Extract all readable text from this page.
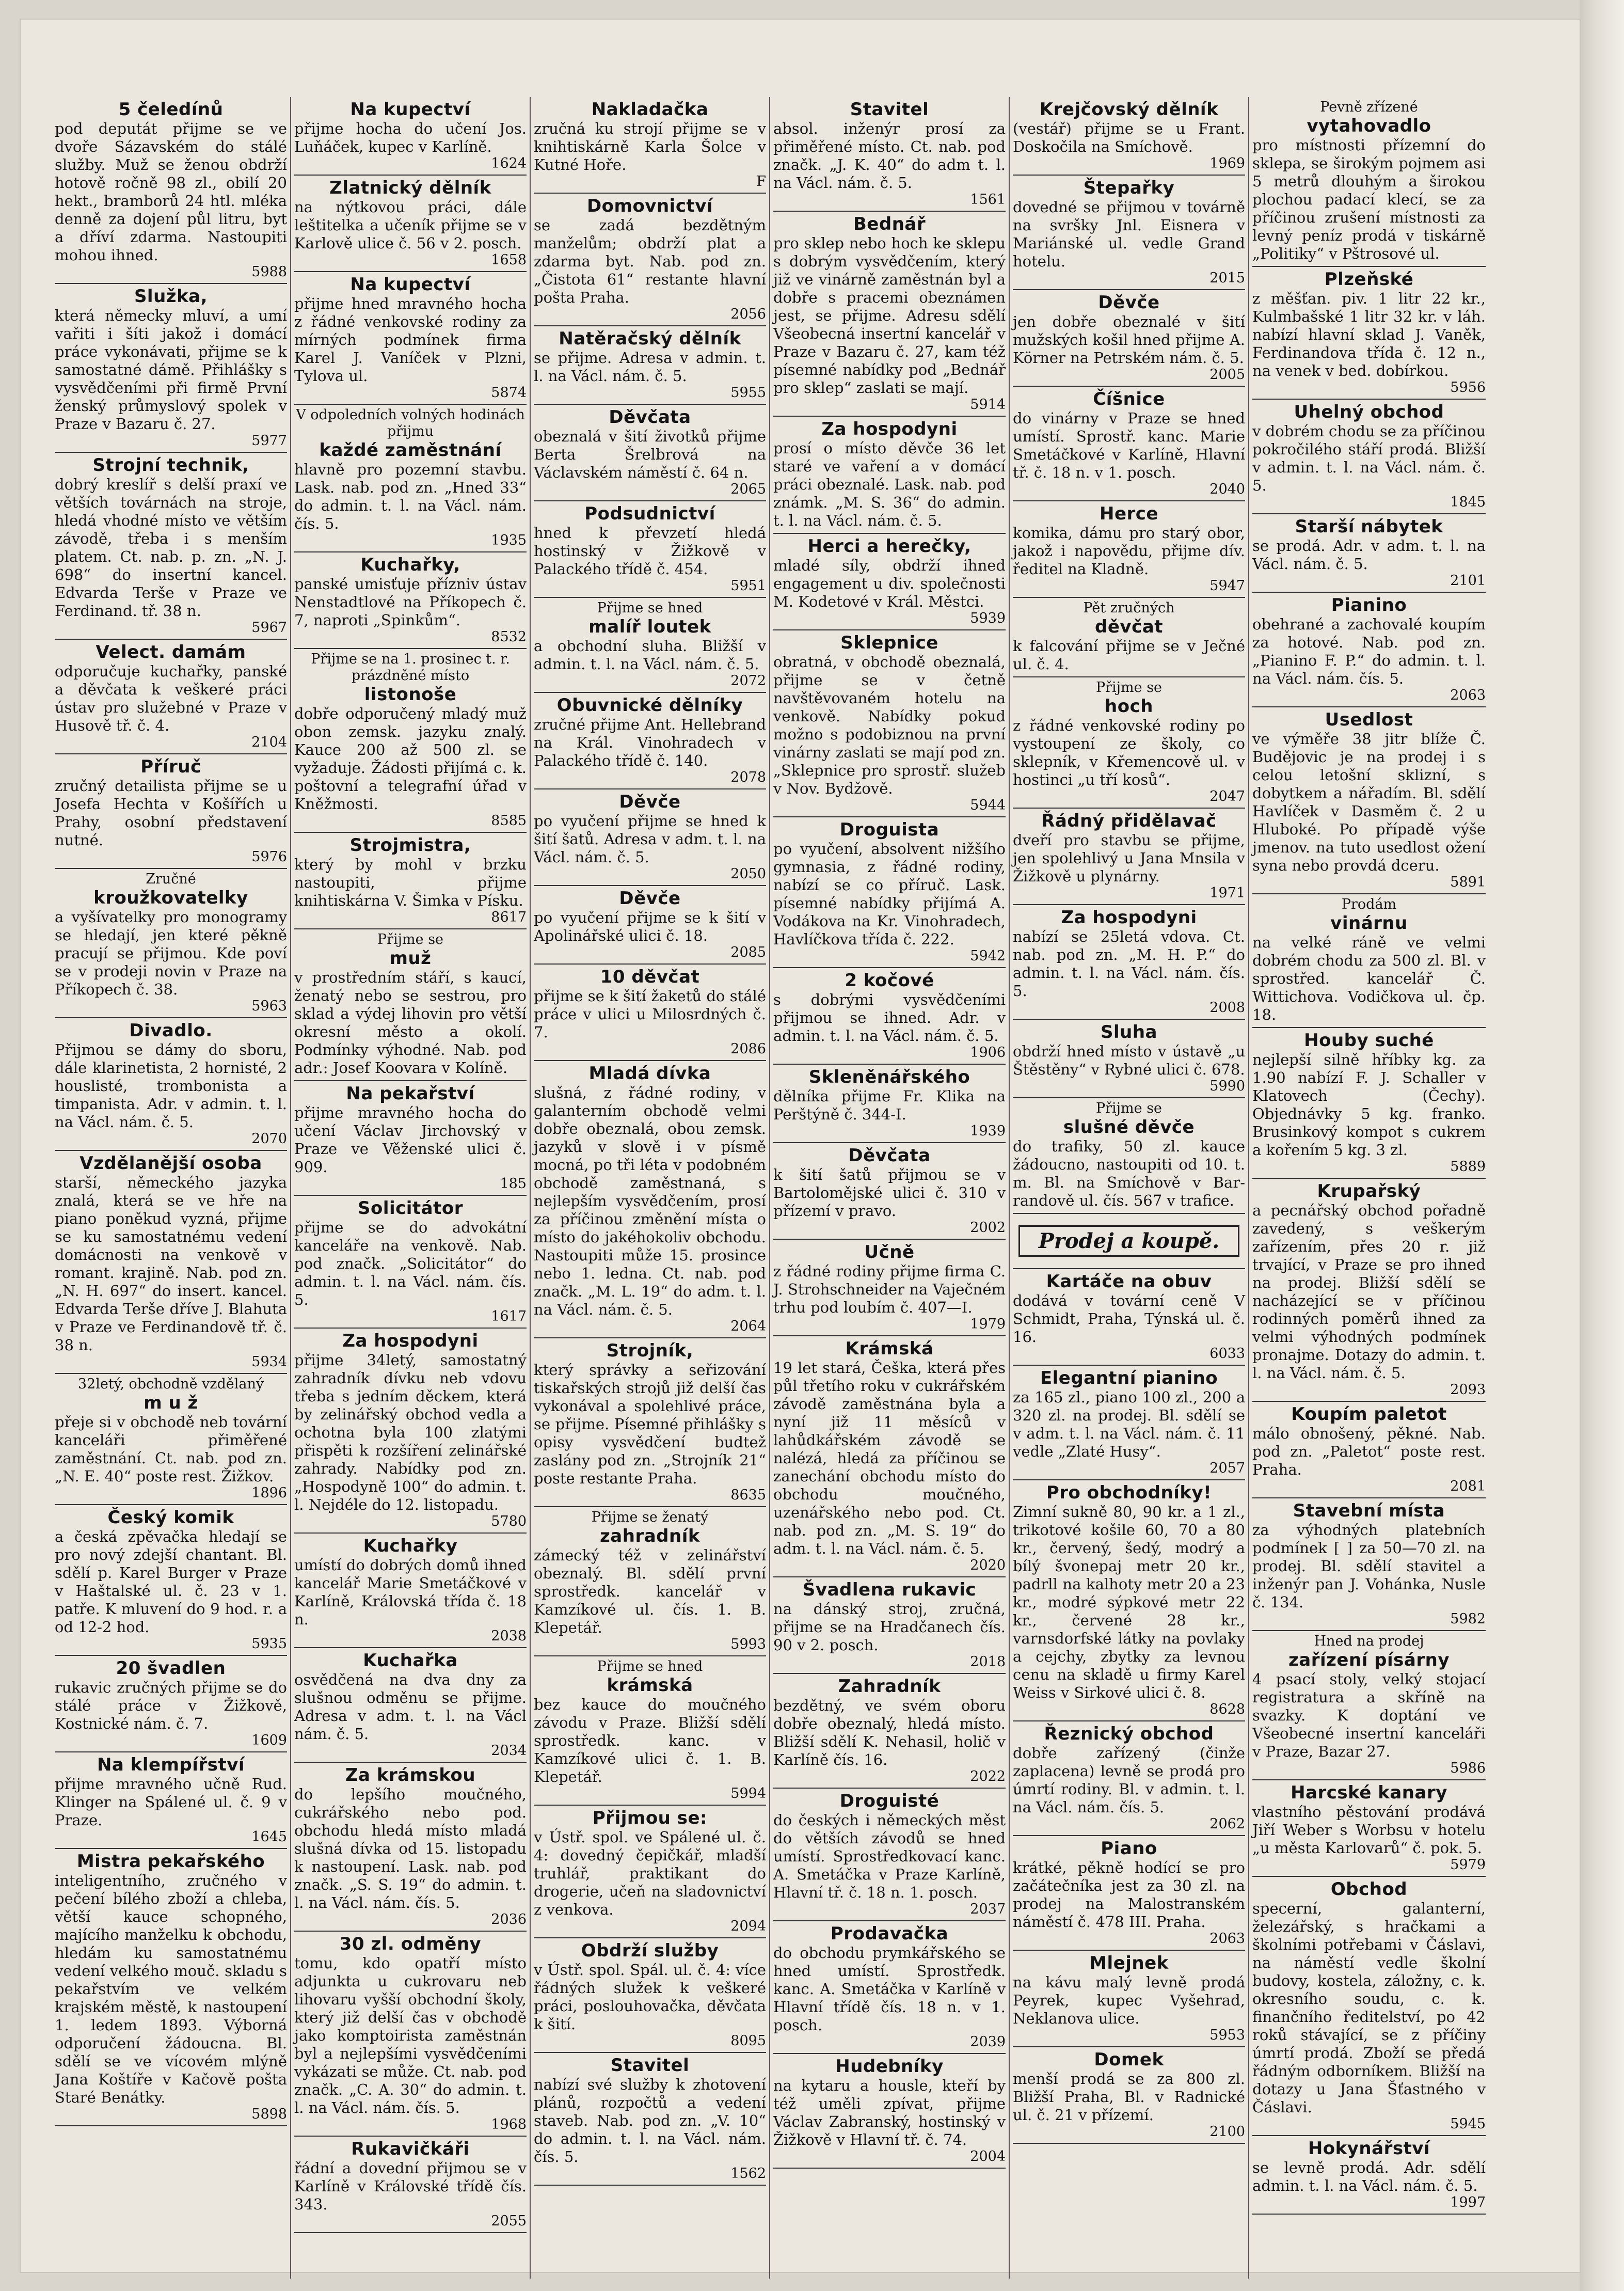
5 čeledínů
pod deputát přijme se ve dvoře Sázavském do stálé služby. Muž se ženou obdrží hotově ročně 98 zl., obilí 20 hekt., bramborů 24 htl. mléka denně za dojení půl litru, byt a dříví zdarma. Nastoupiti mohou ihned.
5988
Služka,
která německy mluví, a umí vařiti i šíti jakož i domácí práce vykonávati, přijme se k samostatné dámě. Přihlášky s vysvědčeními při firmě První ženský průmyslový spolek v Praze v Bazaru č. 27.
5977
Strojní technik,
dobrý kreslíř s delší praxí ve větších továrnách na stroje, hledá vhodné místo ve větším závodě, třeba i s menším platem. Ct. nab. p. zn. „N. J. 698“ do insertní kancel. Edvarda Terše v Praze ve Ferdinand. tř. 38 n.
5967
Velect. damám
odporučuje kuchařky, panské a děvčata k veškeré práci ústav pro služebné v Praze v Husově tř. č. 4.
2104
Příruč
zručný detailista přijme se u Josefa Hechta v Košířích u Prahy, osobní představení nutné.
5976
Zručné
kroužkovatelky
a vyšívatelky pro monogramy se hledají, jen které pěkně pracují se přijmou. Kde poví se v prodeji novin v Praze na Příkopech č. 38.
5963
Divadlo.
Přijmou se dámy do sboru, dále klarinetista, 2 hornisté, 2 houslisté, trombonista a timpanista. Adr. v admin. t. l. na Václ. nám. č. 5.
2070
Vzdělanější osoba
starší, německého jazyka znalá, která se ve hře na piano poněkud vyzná, přijme se ku samostatnému vedení domácnosti na venkově v romant. krajině. Nab. pod zn. „N. H. 697“ do insert. kancel. Edvarda Terše dříve J. Blahuta v Praze ve Ferdinandově tř. č. 38 n.
5934
32letý, obchodně vzdělaný
m u ž
přeje si v obchodě neb tovární kanceláři přiměřené zaměstnání. Ct. nab. pod zn. „N. E. 40“ poste rest. Žižkov.
1896
Český komik
a česká zpěvačka hledají se pro nový zdejší chantant. Bl. sdělí p. Karel Burger v Praze v Haštalské ul. č. 23 v 1. patře. K mluvení do 9 hod. r. a od 12-2 hod.
5935
20 švadlen
rukavic zručných přijme se do stálé práce v Žižkově, Kostnické nám. č. 7.
1609
Na klempířství
přijme mravného učně Rud. Klinger na Spálené ul. č. 9 v Praze.
1645
Mistra pekařského
inteligentního, zručného v pečení bílého zboží a chleba, větší kauce schopného, majícího manželku k obchodu, hledám ku samostatnému vedení velkého mouč. skladu s pekařstvím ve velkém krajském městě, k nastoupení 1. ledem 1893. Výborná odporučení žádoucna. Bl. sdělí se ve vícovém mlýně Jana Koštíře v Kačově pošta Staré Benátky.
5898
Na kupectví
přijme hocha do učení Jos. Luňáček, kupec v Karlíně.
1624
Zlatnický dělník
na nýtkovou práci, dále leštitelka a učeník přijme se v Karlově ulice č. 56 v 2. posch.
1658
Na kupectví
přijme hned mravného hocha z řádné venkovské rodiny za mírných podmínek firma Karel J. Vaníček v Plzni, Tylova ul.
5874
V odpoledních volných hodinách přijmu
každé zaměstnání
hlavně pro pozemní stavbu. Lask. nab. pod zn. „Hned 33“ do admin. t. l. na Václ. nám. čís. 5.
1935
Kuchařky,
panské umisťuje přízniv ústav Nenstadtlové na Příkopech č. 7, naproti „Spinkům“.
8532
Přijme se na 1. prosinec t. r. prázdněné místo
listonoše
dobře odporučený mladý muž obon zemsk. jazyku znalý. Kauce 200 až 500 zl. se vyžaduje. Žádosti přijímá c. k. poštovní a telegrafní úřad v Kněžmosti.
8585
Strojmistra,
který by mohl v brzku nastoupiti, přijme knihtiskárna V. Šimka v Písku.
8617
Přijme se
muž
v prostředním stáří, s kaucí, ženatý nebo se sestrou, pro sklad a výdej lihovin pro větší okresní město a okolí. Podmínky výhodné. Nab. pod adr.: Josef Koovara v Kolíně.
Na pekařství
přijme mravného hocha do učení Václav Jirchovský v Praze ve Věženské ulici č. 909.
185
Solicitátor
přijme se do advokátní kanceláře na venkově. Nab. pod značk. „Solicitátor“ do admin. t. l. na Václ. nám. čís. 5.
1617
Za hospodyni
přijme 34letý, samostatný zahradník dívku neb vdovu třeba s jedním děckem, která by zelinářský obchod vedla a ochotna byla 100 zlatými přispěti k rozšíření zelinářské zahrady. Nabídky pod zn. „Hospodyně 100“ do admin. t. l. Nejdéle do 12. listopadu.
5780
Kuchařky
umístí do dobrých domů ihned kancelář Marie Smetáčkové v Karlíně, Královská třída č. 18 n.
2038
Kuchařka
osvědčená na dva dny za slušnou odměnu se přijme. Adresa v adm. t. l. na Václ nám. č. 5.
2034
Za krámskou
do lepšího moučného, cukrářského nebo pod. obchodu hledá místo mladá slušná dívka od 15. listopadu k nastoupení. Lask. nab. pod značk. „S. S. 19“ do admin. t. l. na Václ. nám. čís. 5.
2036
30 zl. odměny
tomu, kdo opatří místo adjunkta u cukrovaru neb lihovaru vyšší obchodní školy, který již delší čas v obchodě jako komptoirista zaměstnán byl a nejlepšími vysvědčeními vykázati se může. Ct. nab. pod značk. „C. A. 30“ do admin. t. l. na Václ. nám. čís. 5.
1968
Rukavičkáři
řádní a dovední přijmou se v Karlíně v Královské třídě čís. 343.
2055
Nakladačka
zručná ku strojí přijme se v knihtiskárně Karla Šolce v Kutné Hoře.
F
Domovnictví
se zadá bezdětným manželům; obdrží plat a zdarma byt. Nab. pod zn. „Čistota 61“ restante hlavní pošta Praha.
2056
Natěračský dělník
se přijme. Adresa v admin. t. l. na Václ. nám. č. 5.
5955
Děvčata
obeznalá v šití životků přijme Berta Šrelbrová na Václavském náměstí č. 64 n.
2065
Podsudnictví
hned k převzetí hledá hostinský v Žižkově v Palackého třídě č. 454.
5951
Přijme se hned
malíř loutek
a obchodní sluha. Bližší v admin. t. l. na Václ. nám. č. 5.
2072
Obuvnické dělníky
zručné přijme Ant. Hellebrand na Král. Vinohradech v Palackého třídě č. 140.
2078
Děvče
po vyučení přijme se hned k šití šatů. Adresa v adm. t. l. na Václ. nám. č. 5.
2050
Děvče
po vyučení přijme se k šití v Apolinářské ulici č. 18.
2085
10 děvčat
přijme se k šití žaketů do stálé práce v ulici u Milosrdných č. 7.
2086
Mladá dívka
slušná, z řádné rodiny, v galanterním obchodě velmi dobře obeznalá, obou zemsk. jazyků v slově i v písmě mocná, po tři léta v podobném obchodě zaměstnaná, s nejlepším vysvědčením, prosí za příčinou změnění místa o místo do jakéhokoliv obchodu. Nastoupiti může 15. prosince nebo 1. ledna. Ct. nab. pod značk. „M. L. 19“ do adm. t. l. na Václ. nám. č. 5.
2064
Strojník,
který správky a seřizování tiskařských strojů již delší čas vykonával a spolehlivé práce, se přijme. Písemné přihlášky s opisy vysvědčení budtež zaslány pod zn. „Strojník 21“ poste restante Praha.
8635
Přijme se ženatý
zahradník
zámecký též v zelinářství obeznalý. Bl. sdělí první sprostředk. kancelář v Kamzíkové ul. čís. 1. B. Klepetář.
5993
Přijme se hned
krámská
bez kauce do moučného závodu v Praze. Bližší sdělí sprostředk. kanc. v Kamzíkové ulici č. 1. B. Klepetář.
5994
Přijmou se:
v Ústř. spol. ve Spálené ul. č. 4: dovedný čepičkář, mladší truhlář, praktikant do drogerie, učeň na sladovnictví z venkova.
2094
Obdrží služby
v Ústř. spol. Spál. ul. č. 4: více řádných služek k veškeré práci, poslouhovačka, děvčata k šití.
8095
Stavitel
nabízí své služby k zhotovení plánů, rozpočtů a vedení staveb. Nab. pod zn. „V. 10“ do admin. t. l. na Václ. nám. čís. 5.
1562
Stavitel
absol. inženýr prosí za přiměřené místo. Ct. nab. pod značk. „J. K. 40“ do adm t. l. na Václ. nám. č. 5.
1561
Bednář
pro sklep nebo hoch ke sklepu s dobrým vysvědčením, který již ve vinárně zaměstnán byl a dobře s pracemi obeznámen jest, se přijme. Adresu sdělí Všeobecná insertní kancelář v Praze v Bazaru č. 27, kam též písemné nabídky pod „Bednář pro sklep“ zaslati se mají.
5914
Za hospodyni
prosí o místo děvče 36 let staré ve vaření a v domácí práci obeznalé. Lask. nab. pod známk. „M. S. 36“ do admin. t. l. na Václ. nám. č. 5.
Herci a herečky,
mladé síly, obdrží ihned engagement u div. společnosti M. Kodetové v Král. Městci.
5939
Sklepnice
obratná, v obchodě obeznalá, přijme se v četně navštěvovaném hotelu na venkově. Nabídky pokud možno s podobiznou na první vinárny zaslati se mají pod zn. „Sklepnice pro sprostř. služeb v Nov. Bydžově.
5944
Droguista
po vyučení, absolvent nižšího gymnasia, z řádné rodiny, nabízí se co příruč. Lask. písemné nabídky přijímá A. Vodákova na Kr. Vinohradech, Havlíčkova třída č. 222.
5942
2 kočové
s dobrými vysvědčeními přijmou se ihned. Adr. v admin. t. l. na Václ. nám. č. 5.
1906
Skleněnářského
dělníka přijme Fr. Klika na Perštýně č. 344-I.
1939
Děvčata
k šití šatů přijmou se v Bartolomějské ulici č. 310 v přízemí v pravo.
2002
Učně
z řádné rodiny přijme firma C. J. Strohschneider na Vaječném trhu pod loubím č. 407—I.
1979
Krámská
19 let stará, Češka, která přes půl třetího roku v cukrářském závodě zaměstnána byla a nyní již 11 měsíců v lahůdkářském závodě se nalézá, hledá za příčinou se zanechání obchodu místo do obchodu moučného, uzenářského nebo pod. Ct. nab. pod zn. „M. S. 19“ do adm. t. l. na Václ. nám. č. 5.
2020
Švadlena rukavic
na dánský stroj, zručná, přijme se na Hradčanech čís. 90 v 2. posch.
2018
Zahradník
bezdětný, ve svém oboru dobře obeznalý, hledá místo. Bližší sdělí K. Nehasil, holič v Karlíně čís. 16.
2022
Droguisté
do českých i německých měst do větších závodů se hned umístí. Sprostředkovací kanc. A. Smetáčka v Praze Karlíně, Hlavní tř. č. 18 n. 1. posch.
2037
Prodavačka
do obchodu prymkářského se hned umístí. Sprostředk. kanc. A. Smetáčka v Karlíně v Hlavní třídě čís. 18 n. v 1. posch.
2039
Hudebníky
na kytaru a housle, kteří by též uměli zpívat, přijme Václav Zabranský, hostinský v Žižkově v Hlavní tř. č. 74.
2004
Krejčovský dělník
(vestář) přijme se u Frant. Doskočila na Smíchově.
1969
Štepařky
dovedné se přijmou v továrně na svršky Jnl. Eisnera v Mariánské ul. vedle Grand hotelu.
2015
Děvče
jen dobře obeznalé v šití mužských košil hned přijme A. Körner na Petrském nám. č. 5.
2005
Číšnice
do vinárny v Praze se hned umístí. Sprostř. kanc. Marie Smetáčkové v Karlíně, Hlavní tř. č. 18 n. v 1. posch.
2040
Herce
komika, dámu pro starý obor, jakož i napovědu, přijme dív. ředitel na Kladně.
5947
Pět zručných
děvčat
k falcování přijme se v Ječné ul. č. 4.
Přijme se
hoch
z řádné venkovské rodiny po vystoupení ze školy, co sklepník, v Křemencově ul. v hostinci „u tří kosů“.
2047
Řádný přidělavač
dveří pro stavbu se přijme, jen spolehlivý u Jana Mnsila v Žižkově u plynárny.
1971
Za hospodyni
nabízí se 25letá vdova. Ct. nab. pod zn. „M. H. P.“ do admin. t. l. na Václ. nám. čís. 5.
2008
Sluha
obdrží hned místo v ústavě „u Štěstěny“ v Rybné ulici č. 678.
5990
Přijme se
slušné děvče
do trafiky, 50 zl. kauce žádoucno, nastoupiti od 10. t. m. Bl. na Smíchově v Barrandově ul. čís. 567 v trafice.
Prodej a koupě.
Kartáče na obuv
dodává v tovární ceně V Schmidt, Praha, Týnská ul. č. 16.
6033
Elegantní pianino
za 165 zl., piano 100 zl., 200 a 320 zl. na prodej. Bl. sdělí se v adm. t. l. na Václ. nám. č. 11 vedle „Zlaté Husy“.
2057
Pro obchodníky!
Zimní sukně 80, 90 kr. a 1 zl., trikotové košile 60, 70 a 80 kr., červený, šedý, modrý a bílý švonepaj metr 20 kr., padrll na kalhoty metr 20 a 23 kr., modré sýpkové metr 22 kr., červené 28 kr., varnsdorfské látky na povlaky a cejchy, zbytky za levnou cenu na skladě u firmy Karel Weiss v Sirkové ulici č. 8.
8628
Řeznický obchod
dobře zařízený (činže zaplacena) levně se prodá pro úmrtí rodiny. Bl. v admin. t. l. na Václ. nám. čís. 5.
2062
Piano
krátké, pěkně hodící se pro začátečníka jest za 30 zl. na prodej na Malostranském náměstí č. 478 III. Praha.
2063
Mlejnek
na kávu malý levně prodá Peyrek, kupec Vyšehrad, Neklanova ulice.
5953
Domek
menší prodá se za 800 zl. Bližší Praha, Bl. v Radnické ul. č. 21 v přízemí.
2100
Pevně zřízené
vytahovadlo
pro místnosti přízemní do sklepa, se širokým pojmem asi 5 metrů dlouhým a širokou plochou padací klecí, se za příčinou zrušení místnosti za levný peníz prodá v tiskárně „Politiky“ v Pštrosové ul.
Plzeňské
z měšťan. piv. 1 litr 22 kr., Kulmbašské 1 litr 32 kr. v láh. nabízí hlavní sklad J. Vaněk, Ferdinandova třída č. 12 n., na venek v bed. dobírkou.
5956
Uhelný obchod
v dobrém chodu se za příčinou pokročilého stáří prodá. Bližší v admin. t. l. na Václ. nám. č. 5.
1845
Starší nábytek
se prodá. Adr. v adm. t. l. na Václ. nám. č. 5.
2101
Pianino
obehrané a zachovalé koupím za hotové. Nab. pod zn. „Pianino F. P.“ do admin. t. l. na Václ. nám. čís. 5.
2063
Usedlost
ve výměře 38 jitr blíže Č. Budějovic je na prodej i s celou letošní sklizní, s dobytkem a nářadím. Bl. sdělí Havlíček v Dasměm č. 2 u Hluboké. Po případě výše jmenov. na tuto usedlost ožení syna nebo provdá dceru.
5891
Prodám
vinárnu
na velké ráně ve velmi dobrém chodu za 500 zl. Bl. v sprostřed. kancelář Č. Wittichova. Vodičkova ul. čp. 18.
Houby suché
nejlepší silně hříbky kg. za 1.90 nabízí F. J. Schaller v Klatovech (Čechy). Objednávky 5 kg. franko. Brusinkový kompot s cukrem a kořením 5 kg. 3 zl.
5889
Krupařský
a pecnářský obchod pořadně zavedený, s veškerým zařízením, přes 20 r. již trvající, v Praze se pro ihned na prodej. Bližší sdělí se nacházející se v příčinou rodinných poměrů ihned za velmi výhodných podmínek pronajme. Dotazy do admin. t. l. na Václ. nám. č. 5.
2093
Koupím paletot
málo obnošený, pěkné. Nab. pod zn. „Paletot“ poste rest. Praha.
2081
Stavební místa
za výhodných platebních podmínek [ ] za 50—70 zl. na prodej. Bl. sdělí stavitel a inženýr pan J. Vohánka, Nusle č. 134.
5982
Hned na prodej
zařízení písárny
4 psací stoly, velký stojací registratura a skříně na svazky. K doptání ve Všeobecné insertní kanceláři v Praze, Bazar 27.
5986
Harcské kanary
vlastního pěstování prodává Jiří Weber s Worbsu v hotelu „u města Karlovarů“ č. pok. 5.
5979
Obchod
specerní, galanterní, železářský, s hračkami a školními potřebami v Čáslavi, na náměstí vedle školní budovy, kostela, záložny, c. k. okresního soudu, c. k. finančního ředitelství, po 42 roků stávající, se z příčiny úmrtí prodá. Zboží se předá řádným odborníkem. Bližší na dotazy u Jana Šťastného v Čáslavi.
5945
Hokynářství
se levně prodá. Adr. sdělí admin. t. l. na Václ. nám. č. 5.
1997
